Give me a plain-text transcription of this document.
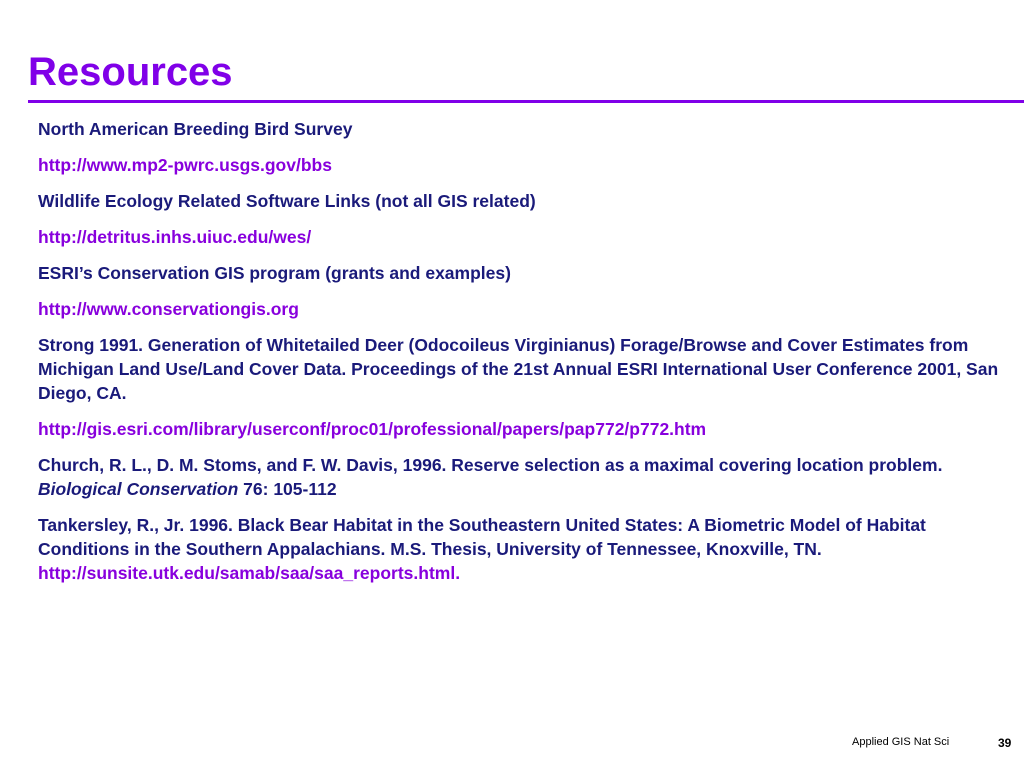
Resources

North American Breeding Bird Survey

http://www.mp2-pwrc.usgs.gov/bbs

Wildlife Ecology Related Software Links (not all GIS related)

http://detritus.inhs.uiuc.edu/wes/

ESRI’s Conservation GIS program (grants and examples)

http://www.conservationgis.org

Strong 1991. Generation of Whitetailed Deer (Odocoileus Virginianus) Forage/Browse and Cover Estimates from Michigan Land Use/Land Cover Data. Proceedings of the 21st Annual ESRI International User Conference 2001, San Diego, CA.

http://gis.esri.com/library/userconf/proc01/professional/papers/pap772/p772.htm

Church, R. L., D. M. Stoms, and F. W. Davis, 1996. Reserve selection as a maximal covering location problem. Biological Conservation 76: 105-112

Tankersley, R., Jr. 1996. Black Bear Habitat in the Southeastern United States: A Biometric Model of Habitat Conditions in the Southern Appalachians. M.S. Thesis, University of Tennessee, Knoxville, TN.
http://sunsite.utk.edu/samab/saa/saa_reports.html.

Applied GIS Nat Sci	39
